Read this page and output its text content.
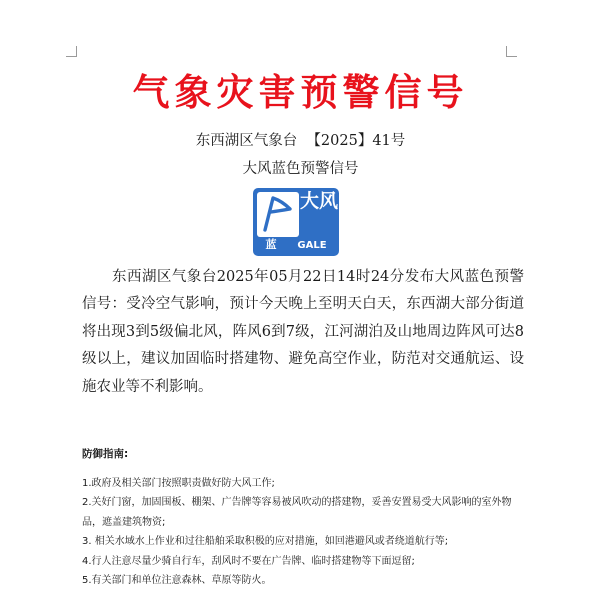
气象灾害预警信号
东西湖区气象台  【2025】41号
大风蓝色预警信号
大风
蓝	GALE
东西湖区气象台2025年05月22日14时24分发布大风蓝色预警信号：受冷空气影响，预计今天晚上至明天白天，东西湖大部分街道将出现3到5级偏北风，阵风6到7级，江河湖泊及山地周边阵风可达8级以上，建议加固临时搭建物、避免高空作业，防范对交通航运、设施农业等不利影响。
防御指南:
1.政府及相关部门按照职责做好防大风工作;
2.关好门窗，加固围板、棚架、广告牌等容易被风吹动的搭建物，妥善安置易受大风影响的室外物品，遮盖建筑物资;
3. 相关水域水上作业和过往船舶采取积极的应对措施，如回港避风或者绕道航行等;
4.行人注意尽量少骑自行车，刮风时不要在广告牌、临时搭建物等下面逗留;
5.有关部门和单位注意森林、草原等防火。
